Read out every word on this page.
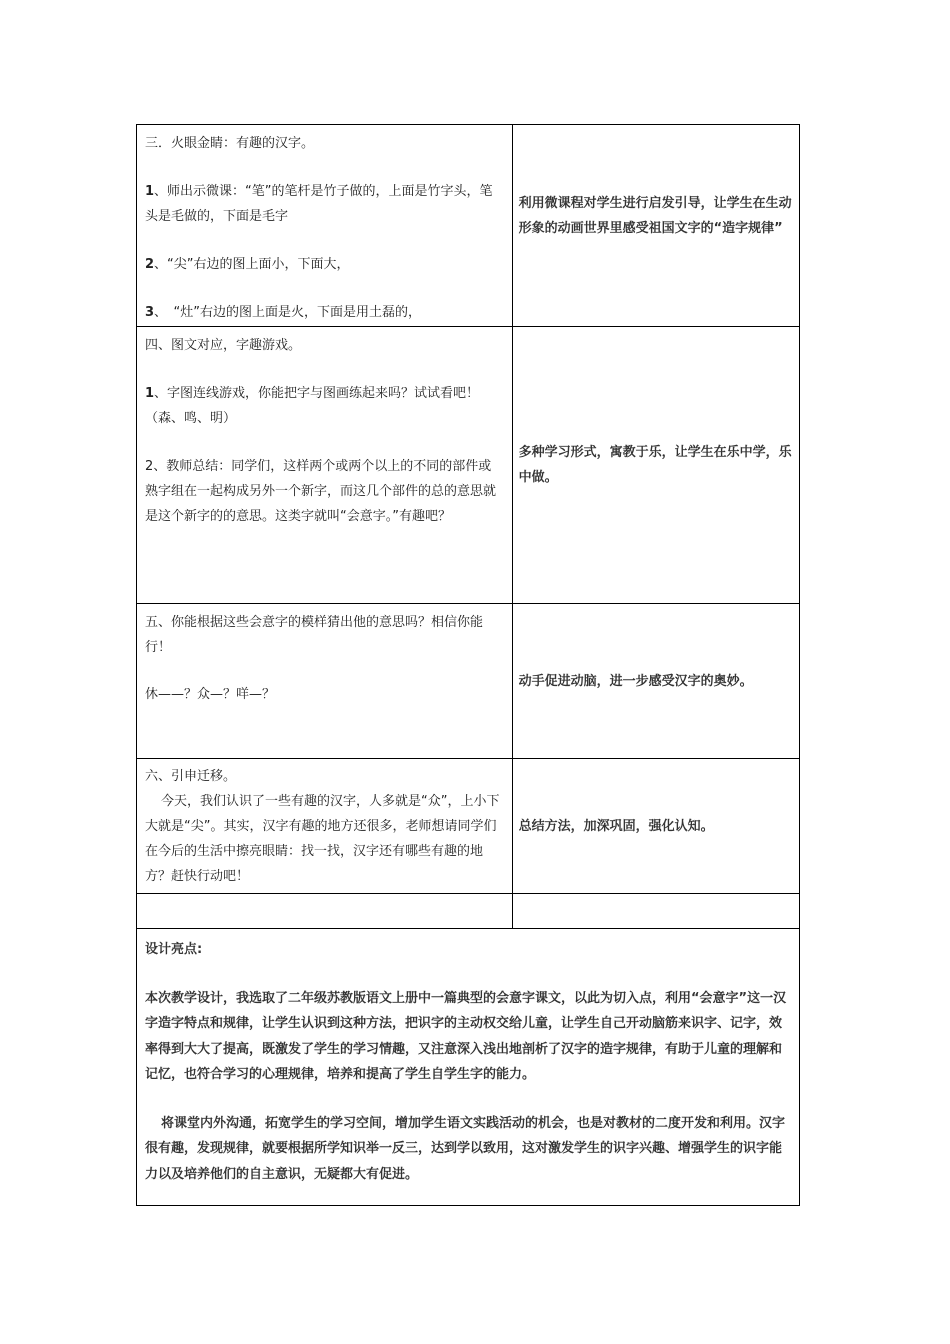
三．火眼金睛：有趣的汉字。

1、师出示微课：“笔”的笔杆是竹子做的，上面是竹字头，笔头是毛做的，下面是毛字

2、“尖”右边的图上面小，下面大，

3、　“灶”右边的图上面是火，下面是用土磊的，	利用微课程对学生进行启发引导，让学生在生动形象的动画世界里感受祖国文字的“造字规律”

四、图文对应，字趣游戏。

1、字图连线游戏，你能把字与图画练起来吗？试试看吧！（森、鸣、明）

2、教师总结：同学们，这样两个或两个以上的不同的部件或熟字组在一起构成另外一个新字，而这几个部件的总的意思就是这个新字的的意思。这类字就叫“会意字。”有趣吧？	多种学习形式，寓教于乐，让学生在乐中学，乐中做。

五、你能根据这些会意字的模样猜出他的意思吗？相信你能行！

休——？众—？咩—？	动手促进动脑，进一步感受汉字的奥妙。

六、引申迁移。

今天，我们认识了一些有趣的汉字，人多就是“众”，上小下大就是“尖”。其实，汉字有趣的地方还很多，老师想请同学们在今后的生活中擦亮眼睛：找一找，汉字还有哪些有趣的地方？赶快行动吧！	总结方法，加深巩固，强化认知。

设计亮点:

本次教学设计，我选取了二年级苏教版语文上册中一篇典型的会意字课文，以此为切入点，利用“会意字”这一汉字造字特点和规律，让学生认识到这种方法，把识字的主动权交给儿童，让学生自己开动脑筋来识字、记字，效率得到大大了提高，既激发了学生的学习情趣，又注意深入浅出地剖析了汉字的造字规律，有助于儿童的理解和记忆，也符合学习的心理规律，培养和提高了学生自学生字的能力。

将课堂内外沟通，拓宽学生的学习空间，增加学生语文实践活动的机会，也是对教材的二度开发和利用。汉字很有趣，发现规律，就要根据所学知识举一反三，达到学以致用，这对激发学生的识字兴趣、增强学生的识字能力以及培养他们的自主意识，无疑都大有促进。	
